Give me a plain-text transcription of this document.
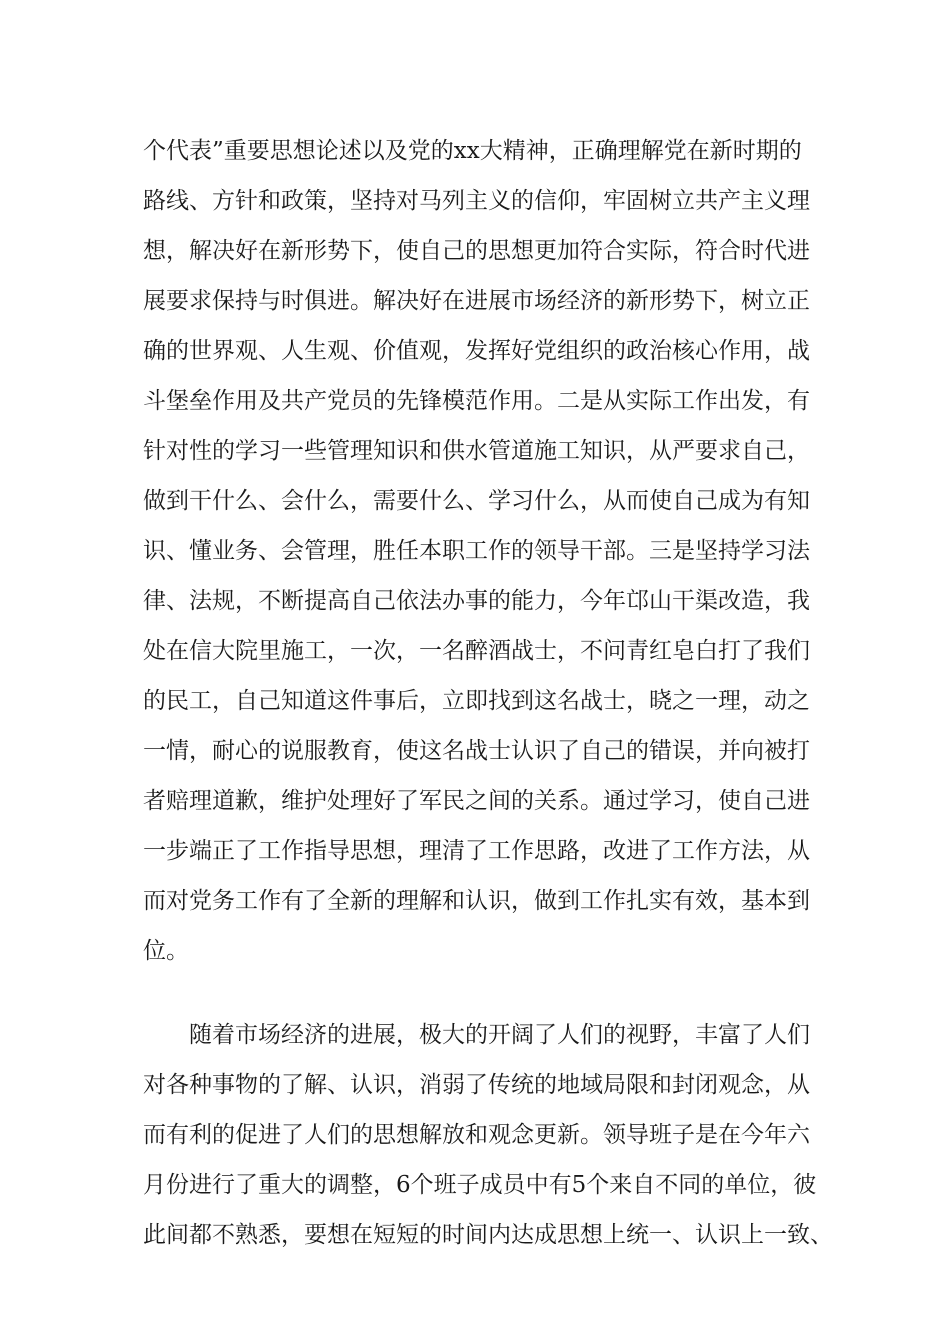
个代表”重要思想论述以及党的xx大精神，正确理解党在新时期的
路线、方针和政策，坚持对马列主义的信仰，牢固树立共产主义理
想，解决好在新形势下，使自己的思想更加符合实际，符合时代进
展要求保持与时俱进。解决好在进展市场经济的新形势下，树立正
确的世界观、人生观、价值观，发挥好党组织的政治核心作用，战
斗堡垒作用及共产党员的先锋模范作用。二是从实际工作出发，有
针对性的学习一些管理知识和供水管道施工知识，从严要求自己，
做到干什么、会什么，需要什么、学习什么，从而使自己成为有知
识、懂业务、会管理，胜任本职工作的领导干部。三是坚持学习法
律、法规，不断提高自己依法办事的能力，今年邙山干渠改造，我
处在信大院里施工，一次，一名醉酒战士，不问青红皂白打了我们
的民工，自己知道这件事后，立即找到这名战士，晓之一理，动之
一情，耐心的说服教育，使这名战士认识了自己的错误，并向被打
者赔理道歉，维护处理好了军民之间的关系。通过学习，使自己进
一步端正了工作指导思想，理清了工作思路，改进了工作方法，从
而对党务工作有了全新的理解和认识，做到工作扎实有效，基本到
位。
　　随着市场经济的进展，极大的开阔了人们的视野，丰富了人们
对各种事物的了解、认识，消弱了传统的地域局限和封闭观念，从
而有利的促进了人们的思想解放和观念更新。领导班子是在今年六
月份进行了重大的调整，6个班子成员中有5个来自不同的单位，彼
此间都不熟悉，要想在短短的时间内达成思想上统一、认识上一致、
